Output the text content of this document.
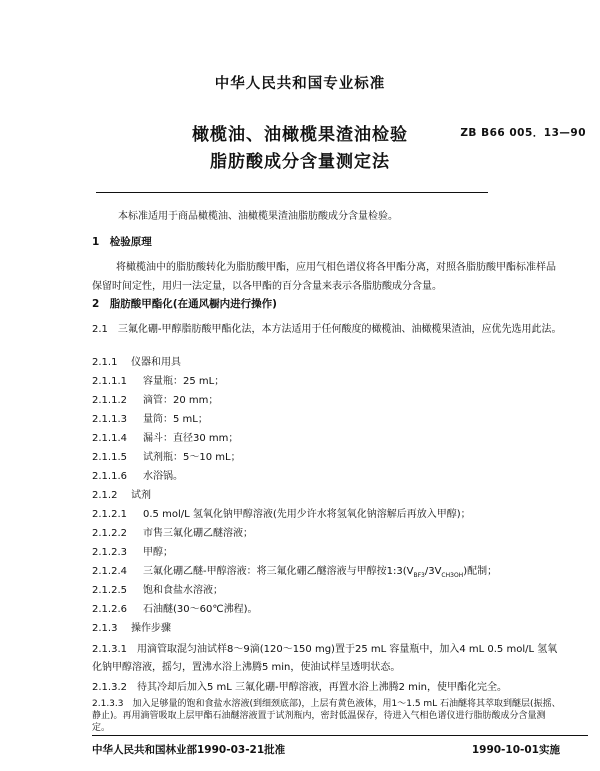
中华人民共和国专业标准
橄榄油、油橄榄果渣油检验
脂肪酸成分含量测定法
ZB B66 005．13—90
本标准适用于商品橄榄油、油橄榄果渣油脂肪酸成分含量检验。
1　检验原理
将橄榄油中的脂肪酸转化为脂肪酸甲酯，应用气相色谱仪将各甲酯分离，对照各脂肪酸甲酯标准样品保留时间定性，用归一法定量，以各甲酯的百分含量来表示各脂肪酸成分含量。
2　脂肪酸甲酯化(在通风橱内进行操作)
2.1　三氟化硼-甲醇脂肪酸甲酯化法，本方法适用于任何酸度的橄榄油、油橄榄果渣油，应优先选用此法。
2.1.1 仪器和用具
2.1.1.1 容量瓶：25 mL；
2.1.1.2 滴管：20 mm；
2.1.1.3 量筒：5 mL；
2.1.1.4 漏斗：直径30 mm；
2.1.1.5 试剂瓶：5～10 mL；
2.1.1.6 水浴锅。
2.1.2 试剂
2.1.2.1 0.5 mol/L 氢氧化钠甲醇溶液(先用少许水将氢氧化钠溶解后再放入甲醇)；
2.1.2.2 市售三氟化硼乙醚溶液；
2.1.2.3 甲醇；
2.1.2.4 三氟化硼乙醚-甲醇溶液：将三氟化硼乙醚溶液与甲醇按$1:3(V_{BF3}/3V_{CH3OH})$配制；
2.1.2.5 饱和食盐水溶液；
2.1.2.6 石油醚(30～60℃沸程)。
2.1.3 操作步骤
2.1.3.1　用滴管取混匀油试样8～9滴(120～150 mg)置于25 mL 容量瓶中，加入4 mL 0.5 mol/L 氢氧化钠甲醇溶液，摇匀，置沸水浴上沸腾5 min，使油试样呈透明状态。
2.1.3.2　待其冷却后加入5 mL 三氟化硼-甲醇溶液，再置水浴上沸腾2 min，使甲酯化完全。
2.1.3.3　加入足够量的饱和食盐水溶液(到细颈底部)，上层有黄色液体，用1～1.5 mL 石油醚将其萃取到醚层(振摇、静止)。再用滴管吸取上层甲酯石油醚溶液置于试剂瓶内，密封低温保存，待进入气相色谱仪进行脂肪酸成分含量测定。
中华人民共和国林业部1990-03-21批准	1990-10-01实施
